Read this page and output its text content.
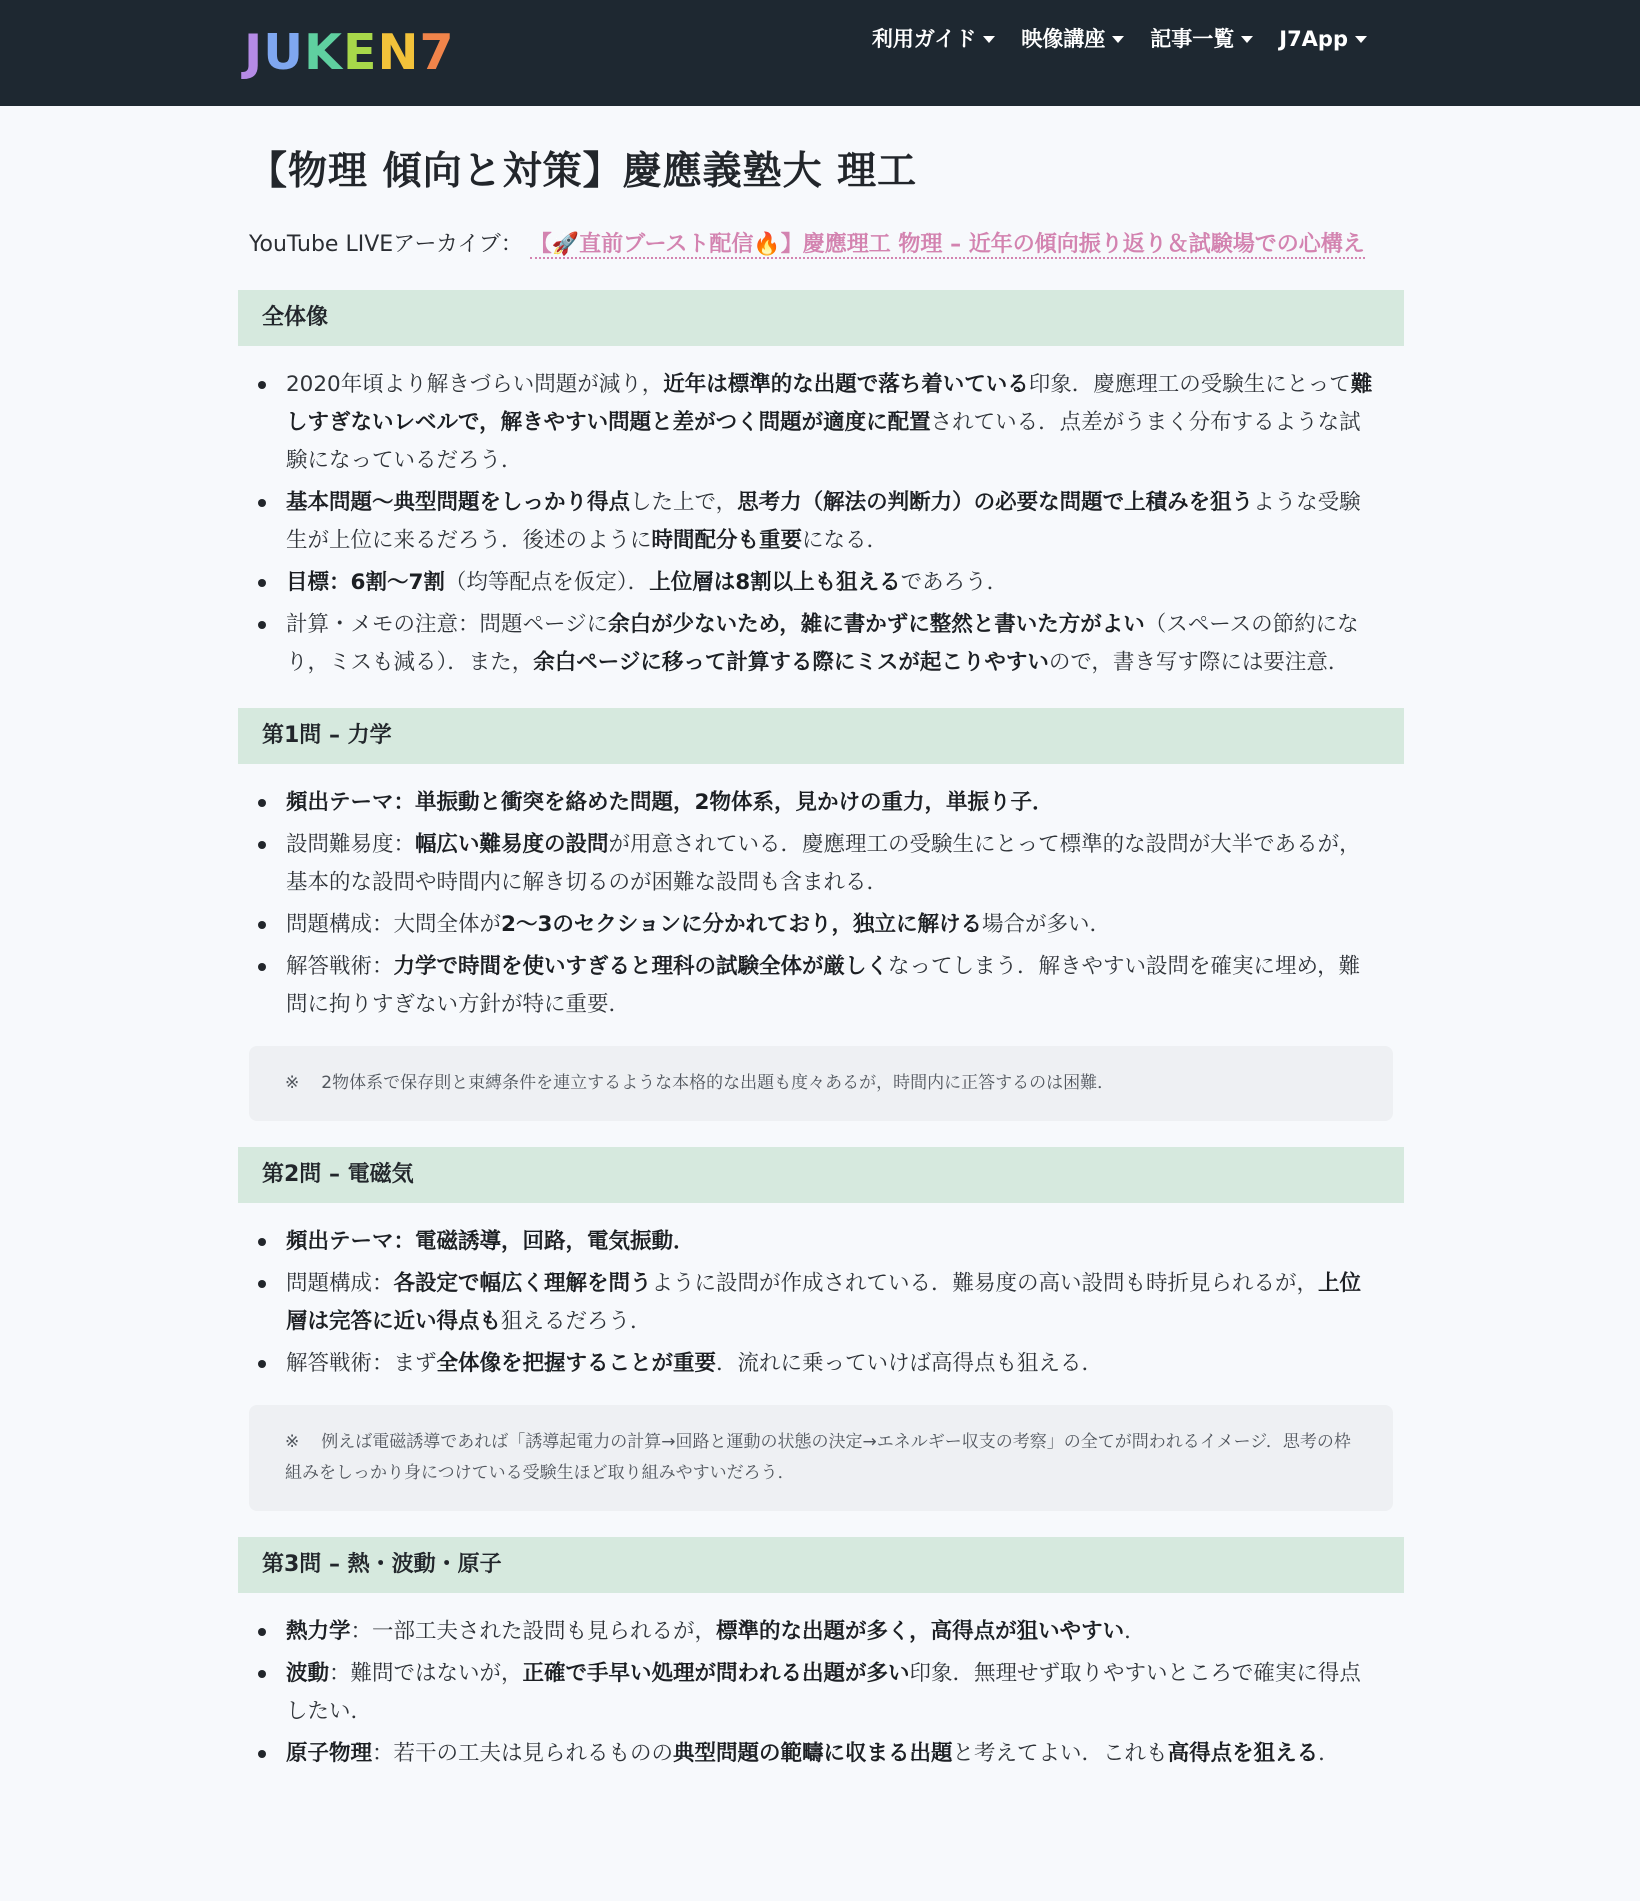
JUKEN7	利用ガイド 映像講座 記事一覧 J7App
【物理 傾向と対策】慶應義塾大 理工
YouTube LIVEアーカイブ： 【🚀直前ブースト配信🔥】慶應理工 物理 – 近年の傾向振り返り＆試験場での心構え
全体像
2020年頃より解きづらい問題が減り，近年は標準的な出題で落ち着いている印象．慶應理工の受験生にとって難しすぎないレベルで，解きやすい問題と差がつく問題が適度に配置されている．点差がうまく分布するような試験になっているだろう．
基本問題〜典型問題をしっかり得点した上で，思考力（解法の判断力）の必要な問題で上積みを狙うような受験生が上位に来るだろう．後述のように時間配分も重要になる．
目標：6割〜7割（均等配点を仮定）．上位層は8割以上も狙えるであろう．
計算・メモの注意：問題ページに余白が少ないため，雑に書かずに整然と書いた方がよい（スペースの節約になり，ミスも減る）．また，余白ページに移って計算する際にミスが起こりやすいので，書き写す際には要注意．
第1問 – 力学
頻出テーマ：単振動と衝突を絡めた問題，2物体系，見かけの重力，単振り子．
設問難易度：幅広い難易度の設問が用意されている．慶應理工の受験生にとって標準的な設問が大半であるが，基本的な設問や時間内に解き切るのが困難な設問も含まれる．
問題構成：大問全体が2〜3のセクションに分かれており，独立に解ける場合が多い．
解答戦術：力学で時間を使いすぎると理科の試験全体が厳しくなってしまう．解きやすい設問を確実に埋め，難問に拘りすぎない方針が特に重要．
※ 2物体系で保存則と束縛条件を連立するような本格的な出題も度々あるが，時間内に正答するのは困難．
第2問 – 電磁気
頻出テーマ：電磁誘導，回路，電気振動．
問題構成：各設定で幅広く理解を問うように設問が作成されている．難易度の高い設問も時折見られるが，上位層は完答に近い得点も狙えるだろう．
解答戦術：まず全体像を把握することが重要．流れに乗っていけば高得点も狙える．
※ 例えば電磁誘導であれば「誘導起電力の計算→回路と運動の状態の決定→エネルギー収支の考察」の全てが問われるイメージ．思考の枠組みをしっかり身につけている受験生ほど取り組みやすいだろう．
第3問 – 熱・波動・原子
熱力学：一部工夫された設問も見られるが，標準的な出題が多く，高得点が狙いやすい．
波動：難問ではないが，正確で手早い処理が問われる出題が多い印象．無理せず取りやすいところで確実に得点したい．
原子物理：若干の工夫は見られるものの典型問題の範疇に収まる出題と考えてよい．これも高得点を狙える．
